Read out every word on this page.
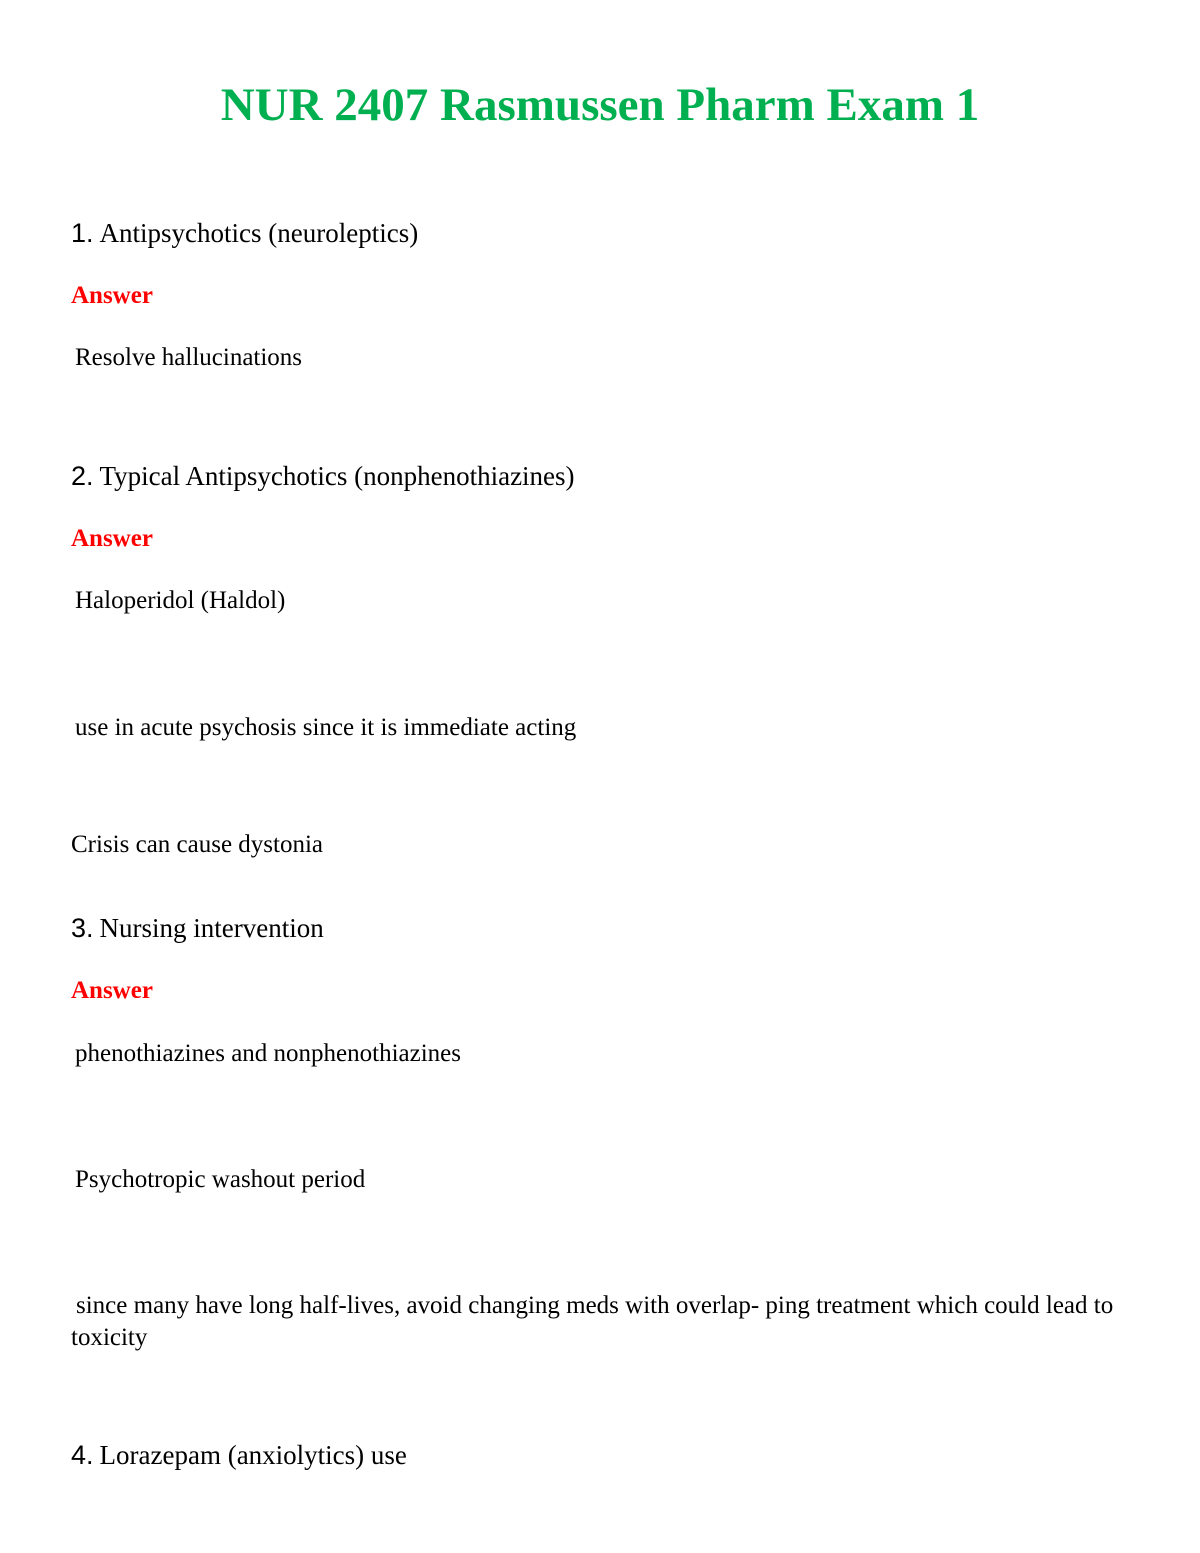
NUR 2407 Rasmussen Pharm Exam 1
1. Antipsychotics (neuroleptics)
Answer
Resolve hallucinations
2. Typical Antipsychotics (nonphenothiazines)
Answer
Haloperidol (Haldol)
use in acute psychosis since it is immediate acting
Crisis can cause dystonia
3. Nursing intervention
Answer
phenothiazines and nonphenothiazines
Psychotropic washout period
since many have long half-lives, avoid changing meds with overlap- ping treatment which could lead to toxicity
4. Lorazepam (anxiolytics) use
